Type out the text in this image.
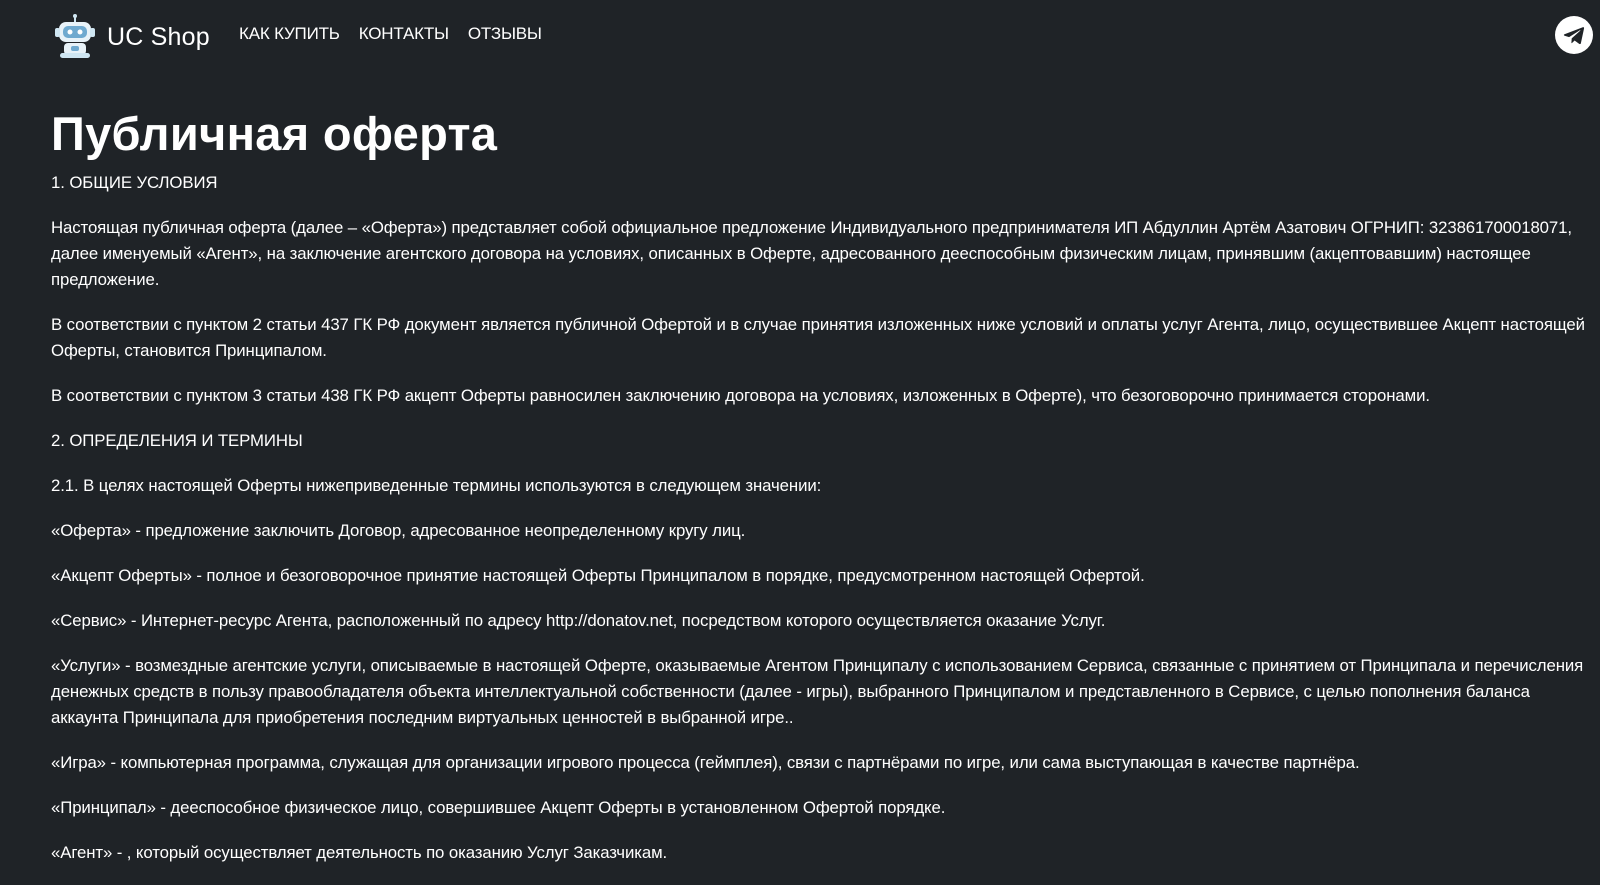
UC Shop КАК КУПИТЬ КОНТАКТЫ ОТЗЫВЫ
Публичная оферта

1. ОБЩИЕ УСЛОВИЯ

Настоящая публичная оферта (далее – «Оферта») представляет собой официальное предложение Индивидуального предпринимателя ИП Абдуллин Артём Азатович ОГРНИП: 323861700018071, далее именуемый «Агент», на заключение агентского договора на условиях, описанных в Оферте, адресованного дееспособным физическим лицам, принявшим (акцептовавшим) настоящее предложение.

В соответствии с пунктом 2 статьи 437 ГК РФ документ является публичной Офертой и в случае принятия изложенных ниже условий и оплаты услуг Агента, лицо, осуществившее Акцепт настоящей Оферты, становится Принципалом.

В соответствии с пунктом 3 статьи 438 ГК РФ акцепт Оферты равносилен заключению договора на условиях, изложенных в Оферте), что безоговорочно принимается сторонами.

2. ОПРЕДЕЛЕНИЯ И ТЕРМИНЫ

2.1. В целях настоящей Оферты нижеприведенные термины используются в следующем значении:

«Оферта» - предложение заключить Договор, адресованное неопределенному кругу лиц.

«Акцепт Оферты» - полное и безоговорочное принятие настоящей Оферты Принципалом в порядке, предусмотренном настоящей Офертой.

«Сервис» - Интернет-ресурс Агента, расположенный по адресу http://donatov.net, посредством которого осуществляется оказание Услуг.

«Услуги» - возмездные агентские услуги, описываемые в настоящей Оферте, оказываемые Агентом Принципалу с использованием Сервиса, связанные с принятием от Принципала и перечисления денежных средств в пользу правообладателя объекта интеллектуальной собственности (далее - игры), выбранного Принципалом и представленного в Сервисе, с целью пополнения баланса аккаунта Принципала для приобретения последним виртуальных ценностей в выбранной игре..

«Игра» - компьютерная программа, служащая для организации игрового процесса (геймплея), связи с партнёрами по игре, или сама выступающая в качестве партнёра.

«Принципал» - дееспособное физическое лицо, совершившее Акцепт Оферты в установленном Офертой порядке.

«Агент» - , который осуществляет деятельность по оказанию Услуг Заказчикам.
